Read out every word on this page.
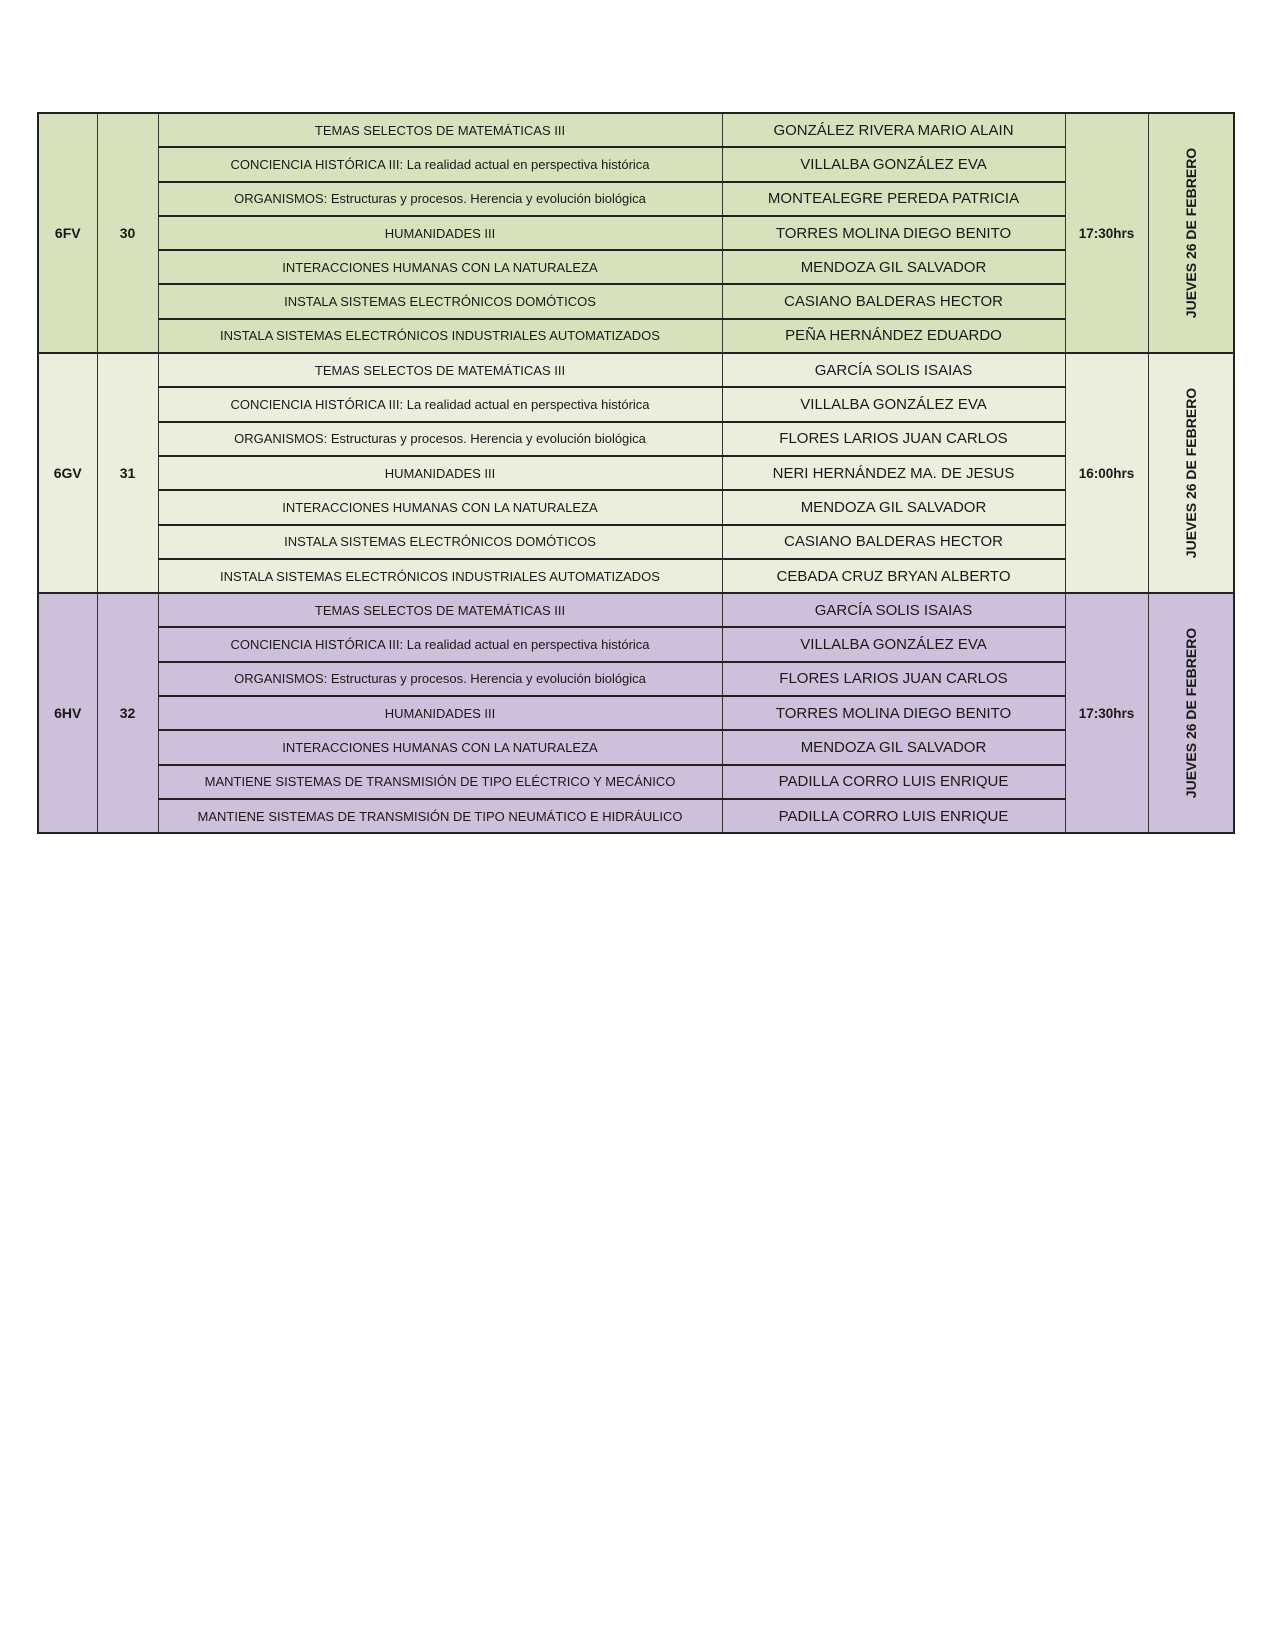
6FV	30	TEMAS SELECTOS DE MATEMÁTICAS III	GONZÁLEZ RIVERA MARIO ALAIN	17:30hrs	JUEVES 26 DE FEBRERO

		CONCIENCIA HISTÓRICA III: La realidad actual en perspectiva histórica	VILLALBA GONZÁLEZ EVA		
		ORGANISMOS: Estructuras y procesos. Herencia y evolución biológica	MONTEALEGRE PEREDA PATRICIA		
		HUMANIDADES III	TORRES MOLINA DIEGO BENITO		
		INTERACCIONES HUMANAS CON LA NATURALEZA	MENDOZA GIL SALVADOR		
		INSTALA SISTEMAS ELECTRÓNICOS DOMÓTICOS	CASIANO BALDERAS HECTOR		
		INSTALA SISTEMAS ELECTRÓNICOS INDUSTRIALES AUTOMATIZADOS	PEÑA HERNÁNDEZ EDUARDO		
6GV	31	TEMAS SELECTOS DE MATEMÁTICAS III	GARCÍA SOLIS ISAIAS	16:00hrs	JUEVES 26 DE FEBRERO

		CONCIENCIA HISTÓRICA III: La realidad actual en perspectiva histórica	VILLALBA GONZÁLEZ EVA		
		ORGANISMOS: Estructuras y procesos. Herencia y evolución biológica	FLORES LARIOS JUAN CARLOS		
		HUMANIDADES III	NERI HERNÁNDEZ MA. DE JESUS		
		INTERACCIONES HUMANAS CON LA NATURALEZA	MENDOZA GIL SALVADOR		
		INSTALA SISTEMAS ELECTRÓNICOS DOMÓTICOS	CASIANO BALDERAS HECTOR		
		INSTALA SISTEMAS ELECTRÓNICOS INDUSTRIALES AUTOMATIZADOS	CEBADA CRUZ BRYAN ALBERTO		
6HV	32	TEMAS SELECTOS DE MATEMÁTICAS III	GARCÍA SOLIS ISAIAS	17:30hrs	JUEVES 26 DE FEBRERO

		CONCIENCIA HISTÓRICA III: La realidad actual en perspectiva histórica	VILLALBA GONZÁLEZ EVA		
		ORGANISMOS: Estructuras y procesos. Herencia y evolución biológica	FLORES LARIOS JUAN CARLOS		
		HUMANIDADES III	TORRES MOLINA DIEGO BENITO		
		INTERACCIONES HUMANAS CON LA NATURALEZA	MENDOZA GIL SALVADOR		
		MANTIENE SISTEMAS DE TRANSMISIÓN DE TIPO ELÉCTRICO Y MECÁNICO	PADILLA CORRO LUIS ENRIQUE		
		MANTIENE SISTEMAS DE TRANSMISIÓN DE TIPO NEUMÁTICO E HIDRÁULICO	PADILLA CORRO LUIS ENRIQUE		
